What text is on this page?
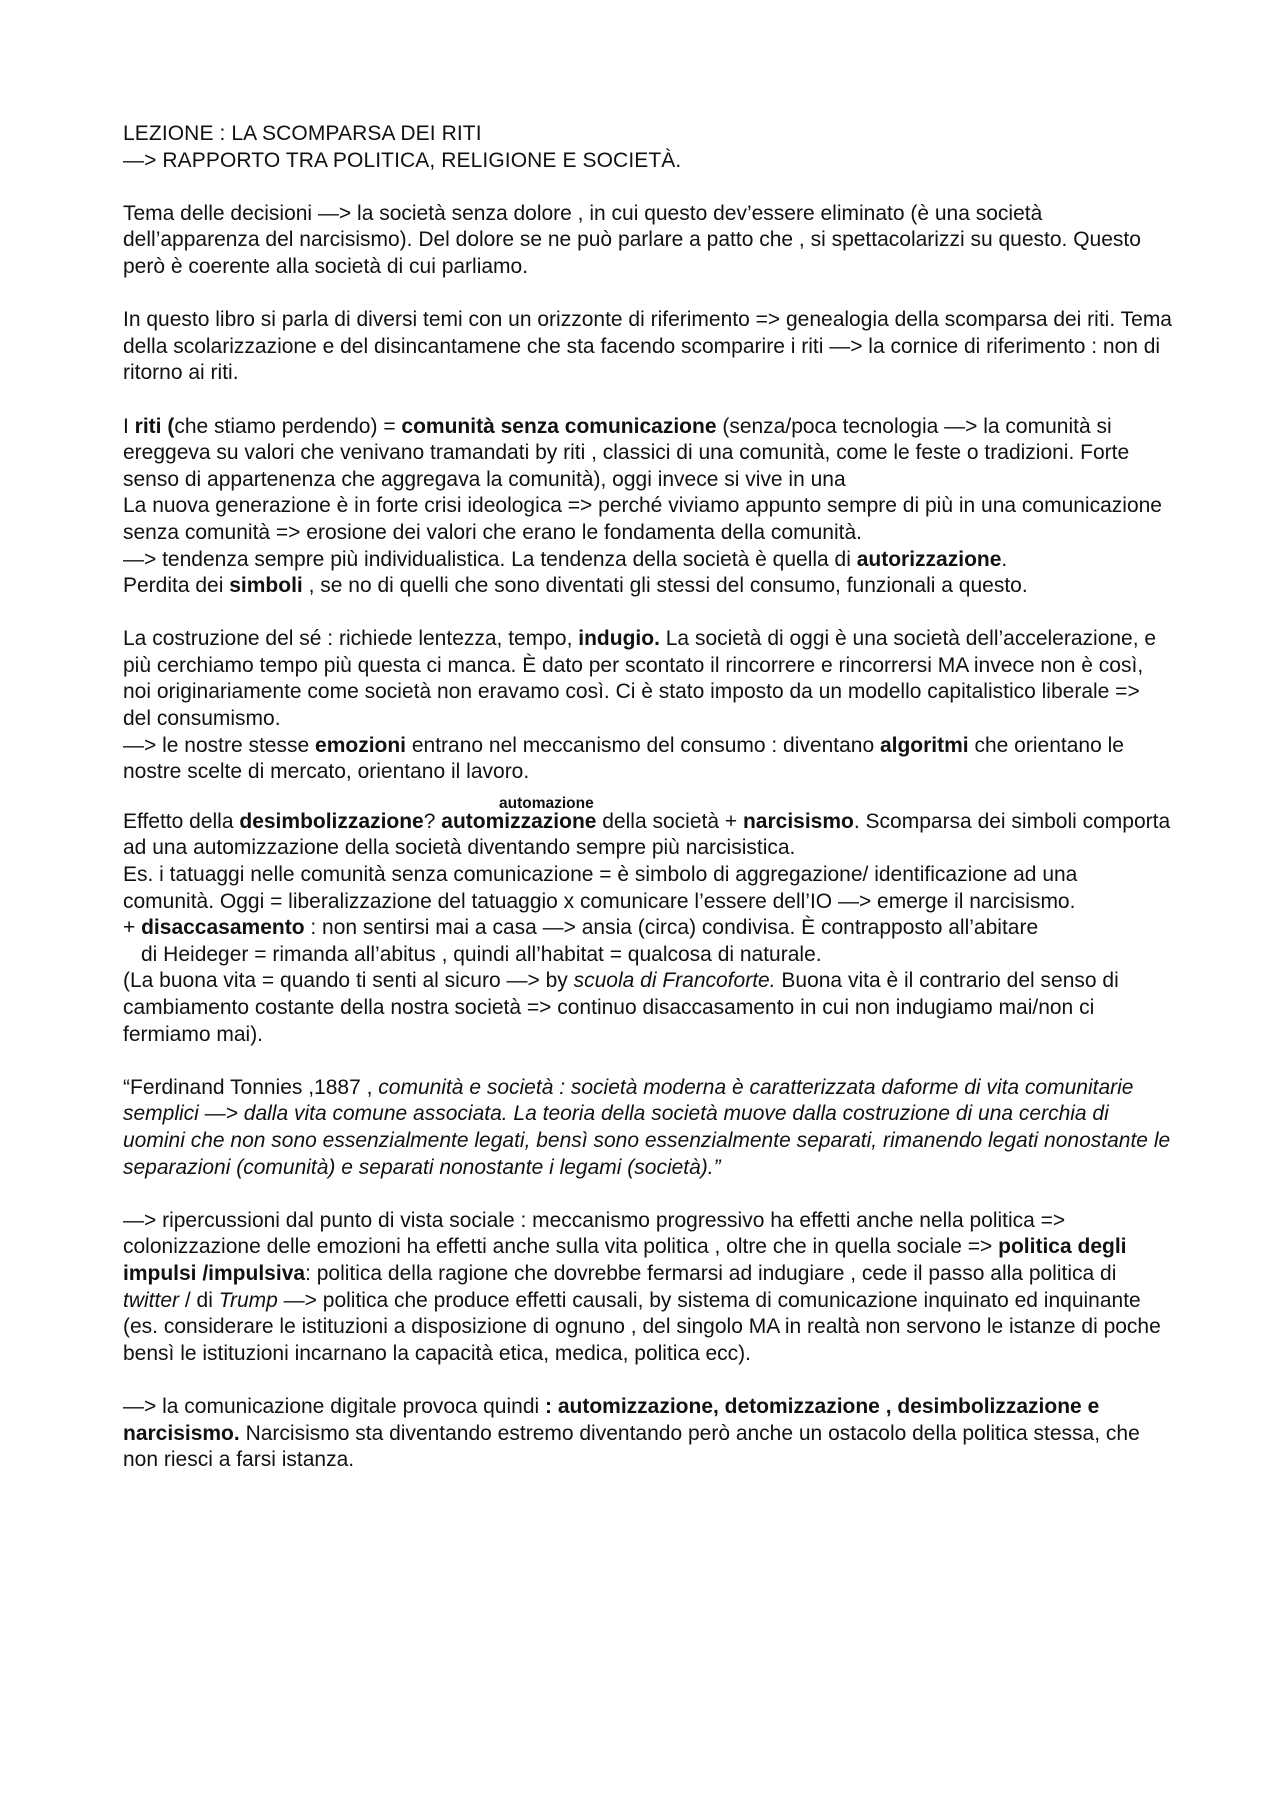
LEZIONE : LA SCOMPARSA DEI RITI

—> RAPPORTO TRA POLITICA, RELIGIONE E SOCIETÀ.

Tema delle decisioni —> la società senza dolore , in cui questo dev’essere eliminato (è una società dell’apparenza del narcisismo). Del dolore se ne può parlare a patto che , si spettacolarizzi su questo. Questo però è coerente alla società di cui parliamo.

In questo libro si parla di diversi temi con un orizzonte di riferimento => genealogia della scomparsa dei riti. Tema della scolarizzazione e del disincantamene che sta facendo scomparire i riti —> la cornice di riferimento : non di ritorno ai riti.

I riti (che stiamo perdendo) = comunità senza comunicazione (senza/poca tecnologia —> la comunità si ereggeva su valori che venivano tramandati by riti , classici di una comunità, come le feste o tradizioni. Forte senso di appartenenza che aggregava la comunità), oggi invece si vive in una

La nuova generazione è in forte crisi ideologica => perché viviamo appunto sempre di più in una comunicazione senza comunità => erosione dei valori che erano le fondamenta della comunità.

—> tendenza sempre più individualistica. La tendenza della società è quella di autorizzazione.

Perdita dei simboli , se no di quelli che sono diventati gli stessi del consumo, funzionali a questo.

La costruzione del sé : richiede lentezza, tempo, indugio. La società di oggi è una società dell’accelerazione, e più cerchiamo tempo più questa ci manca. È dato per scontato il rincorrere e rincorrersi MA invece non è così, noi originariamente come società non eravamo così. Ci è stato imposto da un modello capitalistico liberale => del consumismo.

—> le nostre stesse emozioni entrano nel meccanismo del consumo : diventano algoritmi che orientano le nostre scelte di mercato, orientano il lavoro.

automazione

Effetto della desimbolizzazione? automizzazione della società + narcisismo. Scomparsa dei simboli comporta ad una automizzazione della società diventando sempre più narcisistica.

Es. i tatuaggi nelle comunità senza comunicazione = è simbolo di aggregazione/ identificazione ad una comunità. Oggi = liberalizzazione del tatuaggio x comunicare l’essere dell’IO —> emerge il narcisismo.

+ disaccasamento : non sentirsi mai a casa —> ansia (circa) condivisa. È contrapposto all’abitare

di Heideger = rimanda all’abitus , quindi all’habitat = qualcosa di naturale.

(La buona vita = quando ti senti al sicuro —> by scuola di Francoforte. Buona vita è il contrario del senso di cambiamento costante della nostra società => continuo disaccasamento in cui non indugiamo mai/non ci fermiamo mai).

“Ferdinand Tonnies ,1887 , comunità e società : società moderna è caratterizzata daforme di vita comunitarie semplici —> dalla vita comune associata. La teoria della società muove dalla costruzione di una cerchia di uomini che non sono essenzialmente legati, bensì sono essenzialmente separati, rimanendo legati nonostante le separazioni (comunità) e separati nonostante i legami (società).”

—> ripercussioni dal punto di vista sociale : meccanismo progressivo ha effetti anche nella politica => colonizzazione delle emozioni ha effetti anche sulla vita politica , oltre che in quella sociale => politica degli impulsi /impulsiva: politica della ragione che dovrebbe fermarsi ad indugiare , cede il passo alla politica di twitter / di Trump —> politica che produce effetti causali, by sistema di comunicazione inquinato ed inquinante (es. considerare le istituzioni a disposizione di ognuno , del singolo MA in realtà non servono le istanze di poche bensì le istituzioni incarnano la capacità etica, medica, politica ecc).

—> la comunicazione digitale provoca quindi : automizzazione, detomizzazione , desimbolizzazione e narcisismo. Narcisismo sta diventando estremo diventando però anche un ostacolo della politica stessa, che non riesci a farsi istanza.
